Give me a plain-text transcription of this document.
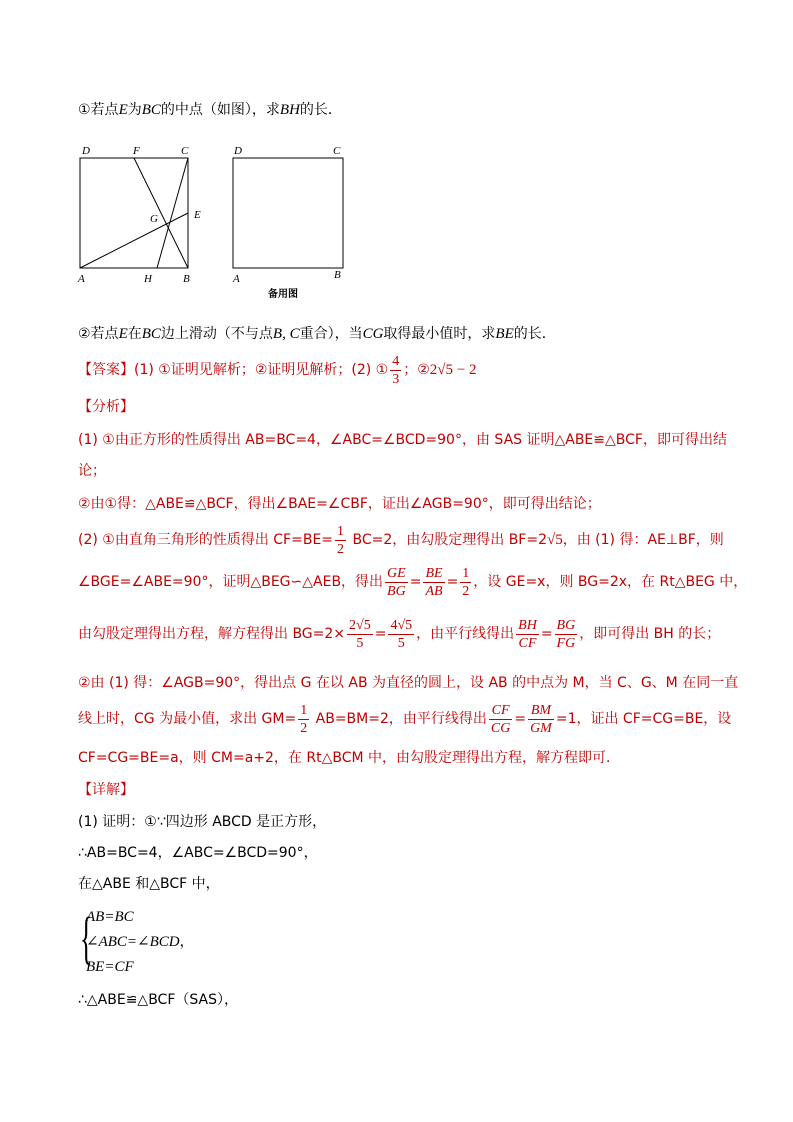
①若点E为BC的中点（如图），求BH的长．
D	F	C
G	E
A	H	B
D	C
A	B
备用图
②若点E在BC边上滑动（不与点B, C重合），当CG取得最小值时，求BE的长．
【答案】(1) ①证明见解析；②证明见解析；(2) ① $\frac{4}{3}$ ；②2√5 − 2
【分析】
(1) ①由正方形的性质得出 AB=BC=4，∠ABC=∠BCD=90°，由 SAS 证明△ABE≌△BCF，即可得出结
论；
②由①得：△ABE≌△BCF，得出∠BAE=∠CBF，证出∠AGB=90°，即可得出结论；
(2) ①由直角三角形的性质得出 $CF=BE= \frac{1}{2} BC=2$，由勾股定理得出 BF=2√5，由 (1) 得：AE⊥BF，则
∠BGE=∠ABE=90°，证明△BEG∽△AEB，得出 $\frac{GE}{BG} = \frac{BE}{AB} = \frac{1}{2}$ ，设 GE=x，则 BG=2x，在 Rt△BEG 中，
由勾股定理得出方程，解方程得出 $BG=2\times \frac{2√5}{5} = \frac{4√5}{5}$ ，由平行线得出 $\frac{BH}{CF} = \frac{BG}{FG}$ ，即可得出 BH 的长；
②由 (1) 得：∠AGB=90°，得出点 G 在以 AB 为直径的圆上，设 AB 的中点为 M，当 C、G、M 在同一直
线上时，CG 为最小值，求出 $GM= \frac{1}{2} AB=BM=2$，由平行线得出 $\frac{CF}{CG} = \frac{BM}{GM} =1$，证出 CF=CG=BE，设
CF=CG=BE=a，则 CM=a+2，在 Rt△BCM 中，由勾股定理得出方程，解方程即可．
【详解】
(1) 证明：①∵四边形 ABCD 是正方形，
∴AB=BC=4，∠ABC=∠BCD=90°，
在△ABE 和△BCF 中，
{
AB=BC
∠ABC=∠BCD，
BE=CF
∴△ABE≌△BCF（SAS），
